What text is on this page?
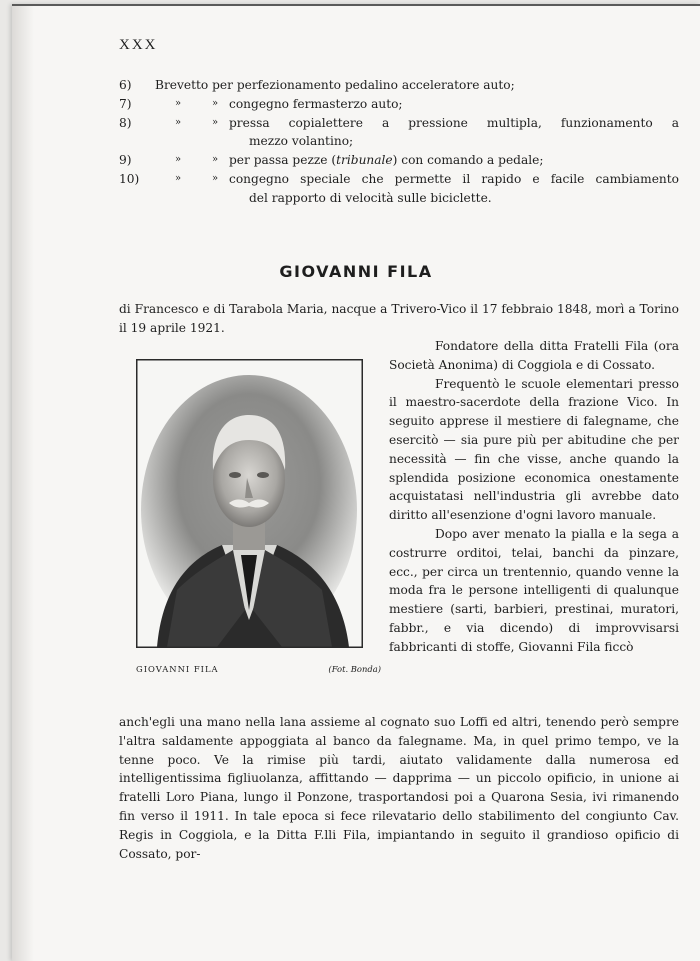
XXX
6)	Brevetto per perfezionamento pedalino acceleratore auto;
7)	»	» congegno fermasterzo auto;
8)	»	» pressa copialettere a pressione multipla, funzionamento a
mezzo volantino;
9)	»	» per passa pezze (tribunale) con comando a pedale;
10)	»	» congegno speciale che permette il rapido e facile cambiamento
del rapporto di velocità sulle biciclette.
GIOVANNI FILA
di Francesco e di Tarabola Maria, nacque a Trivero-Vico il 17 febbraio 1848, morì a Torino il 19 aprile 1921.
GIOVANNI FILA	(Fot. Bonda)

Fondatore della ditta Fratelli Fila (ora Società Anonima) di Coggiola e di Cossato.

Frequentò le scuole elementari presso il maestro-sacerdote della frazione Vico. In seguito apprese il mestiere di falegname, che esercitò — sia pure più per abitudine che per necessità — fin che visse, anche quando la splendida posizione economica onestamente acquistatasi nell'industria gli avrebbe dato diritto all'esenzione d'ogni lavoro manuale.

Dopo aver menato la pialla e la sega a costrurre orditoi, telai, banchi da pinzare, ecc., per circa un trentennio, quando venne la moda fra le persone intelligenti di qualunque mestiere (sarti, barbieri, prestinai, muratori, fabbr., e via dicendo) di improvvisarsi fabbricanti di stoffe, Giovanni Fila ficcò

anch'egli una mano nella lana assieme al cognato suo Loffi ed altri, tenendo però sempre l'altra saldamente appoggiata al banco da falegname. Ma, in quel primo tempo, ve la tenne poco. Ve la rimise più tardi, aiutato validamente dalla numerosa ed intelligentissima figliuolanza, affittando — dapprima — un piccolo opificio, in unione ai fratelli Loro Piana, lungo il Ponzone, trasportandosi poi a Quarona Sesia, ivi rimanendo fin verso il 1911. In tale epoca si fece rilevatario dello stabilimento del congiunto Cav. Regis in Coggiola, e la Ditta F.lli Fila, impiantando in seguito il grandioso opificio di Cossato, por-
